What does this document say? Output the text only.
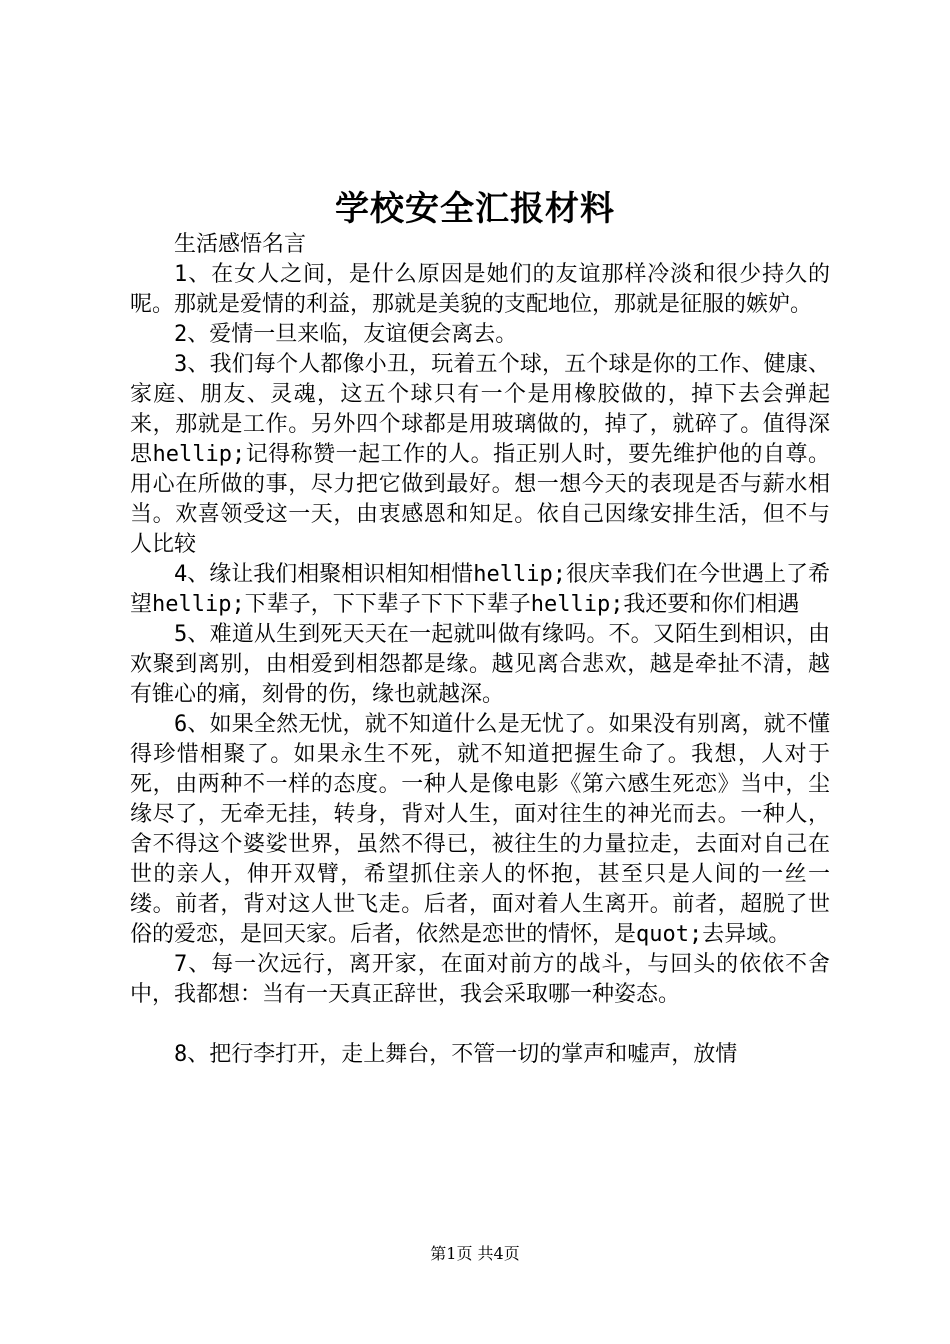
学校安全汇报材料

生活感悟名言

1、在女人之间，是什么原因是她们的友谊那样冷淡和很少持久的呢。那就是爱情的利益，那就是美貌的支配地位，那就是征服的嫉妒。

2、爱情一旦来临，友谊便会离去。

3、我们每个人都像小丑，玩着五个球，五个球是你的工作、健康、家庭、朋友、灵魂，这五个球只有一个是用橡胶做的，掉下去会弹起来，那就是工作。另外四个球都是用玻璃做的，掉了，就碎了。值得深思hellip;记得称赞一起工作的人。指正别人时，要先维护他的自尊。用心在所做的事，尽力把它做到最好。想一想今天的表现是否与薪水相当。欢喜领受这一天，由衷感恩和知足。依自己因缘安排生活，但不与人比较

4、缘让我们相聚相识相知相惜hellip;很庆幸我们在今世遇上了希望hellip;下辈子，下下辈子下下下辈子hellip;我还要和你们相遇

5、难道从生到死天天在一起就叫做有缘吗。不。又陌生到相识，由欢聚到离别，由相爱到相怨都是缘。越见离合悲欢，越是牵扯不清，越有锥心的痛，刻骨的伤，缘也就越深。

6、如果全然无忧，就不知道什么是无忧了。如果没有别离，就不懂得珍惜相聚了。如果永生不死，就不知道把握生命了。我想，人对于死，由两种不一样的态度。一种人是像电影《第六感生死恋》当中，尘缘尽了，无牵无挂，转身，背对人生，面对往生的神光而去。一种人，舍不得这个婆娑世界，虽然不得已，被往生的力量拉走，去面对自己在世的亲人，伸开双臂，希望抓住亲人的怀抱，甚至只是人间的一丝一缕。前者，背对这人世飞走。后者，面对着人生离开。前者，超脱了世俗的爱恋，是回天家。后者，依然是恋世的情怀，是quot;去异域。

7、每一次远行，离开家，在面对前方的战斗，与回头的依依不舍中，我都想：当有一天真正辞世，我会采取哪一种姿态。

8、把行李打开，走上舞台，不管一切的掌声和嘘声，放情

第1页 共4页
